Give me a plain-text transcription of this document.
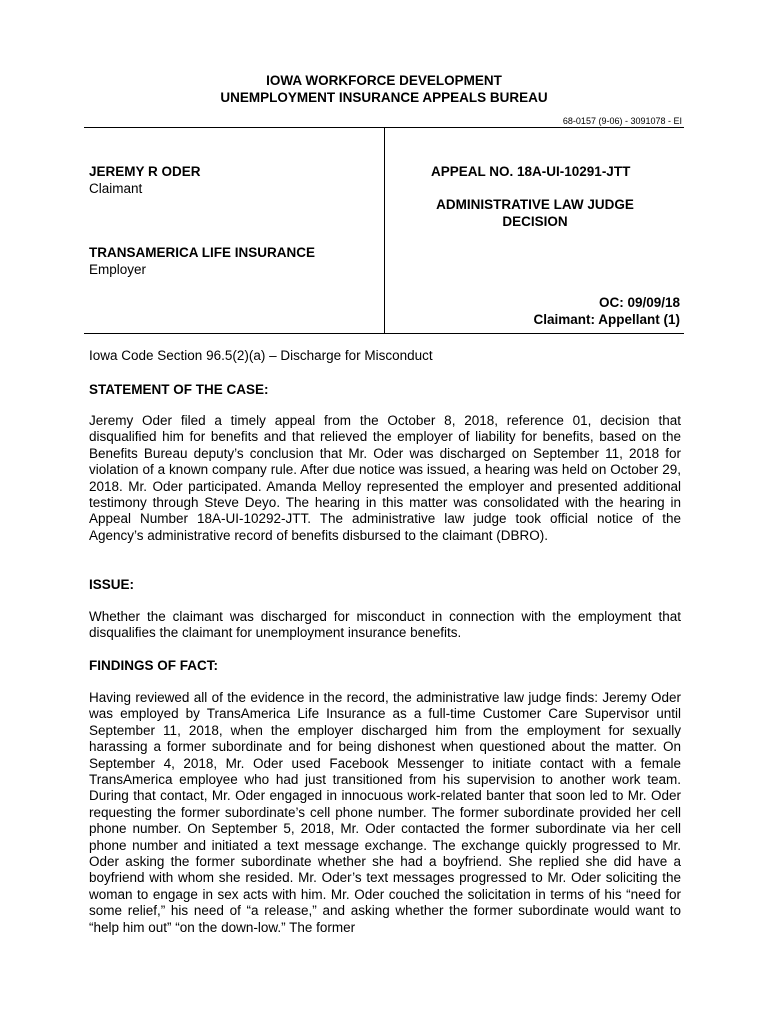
IOWA WORKFORCE DEVELOPMENT
UNEMPLOYMENT INSURANCE APPEALS BUREAU
68-0157 (9-06) - 3091078 - EI
JEREMY R ODER
Claimant
TRANSAMERICA LIFE INSURANCE
Employer
APPEAL NO. 18A-UI-10291-JTT
ADMINISTRATIVE LAW JUDGE
DECISION
OC: 09/09/18
Claimant: Appellant (1)
Iowa Code Section 96.5(2)(a) – Discharge for Misconduct
STATEMENT OF THE CASE:
Jeremy Oder filed a timely appeal from the October 8, 2018, reference 01, decision that disqualified him for benefits and that relieved the employer of liability for benefits, based on the Benefits Bureau deputy’s conclusion that Mr. Oder was discharged on September 11, 2018 for violation of a known company rule. After due notice was issued, a hearing was held on October 29, 2018. Mr. Oder participated. Amanda Melloy represented the employer and presented additional testimony through Steve Deyo. The hearing in this matter was consolidated with the hearing in Appeal Number 18A-UI-10292-JTT. The administrative law judge took official notice of the Agency’s administrative record of benefits disbursed to the claimant (DBRO).
ISSUE:
Whether the claimant was discharged for misconduct in connection with the employment that disqualifies the claimant for unemployment insurance benefits.
FINDINGS OF FACT:
Having reviewed all of the evidence in the record, the administrative law judge finds: Jeremy Oder was employed by TransAmerica Life Insurance as a full-time Customer Care Supervisor until September 11, 2018, when the employer discharged him from the employment for sexually harassing a former subordinate and for being dishonest when questioned about the matter. On September 4, 2018, Mr. Oder used Facebook Messenger to initiate contact with a female TransAmerica employee who had just transitioned from his supervision to another work team. During that contact, Mr. Oder engaged in innocuous work-related banter that soon led to Mr. Oder requesting the former subordinate’s cell phone number. The former subordinate provided her cell phone number. On September 5, 2018, Mr. Oder contacted the former subordinate via her cell phone number and initiated a text message exchange. The exchange quickly progressed to Mr. Oder asking the former subordinate whether she had a boyfriend. She replied she did have a boyfriend with whom she resided. Mr. Oder’s text messages progressed to Mr. Oder soliciting the woman to engage in sex acts with him. Mr. Oder couched the solicitation in terms of his “need for some relief,” his need of “a release,” and asking whether the former subordinate would want to “help him out” “on the down-low.” The former
